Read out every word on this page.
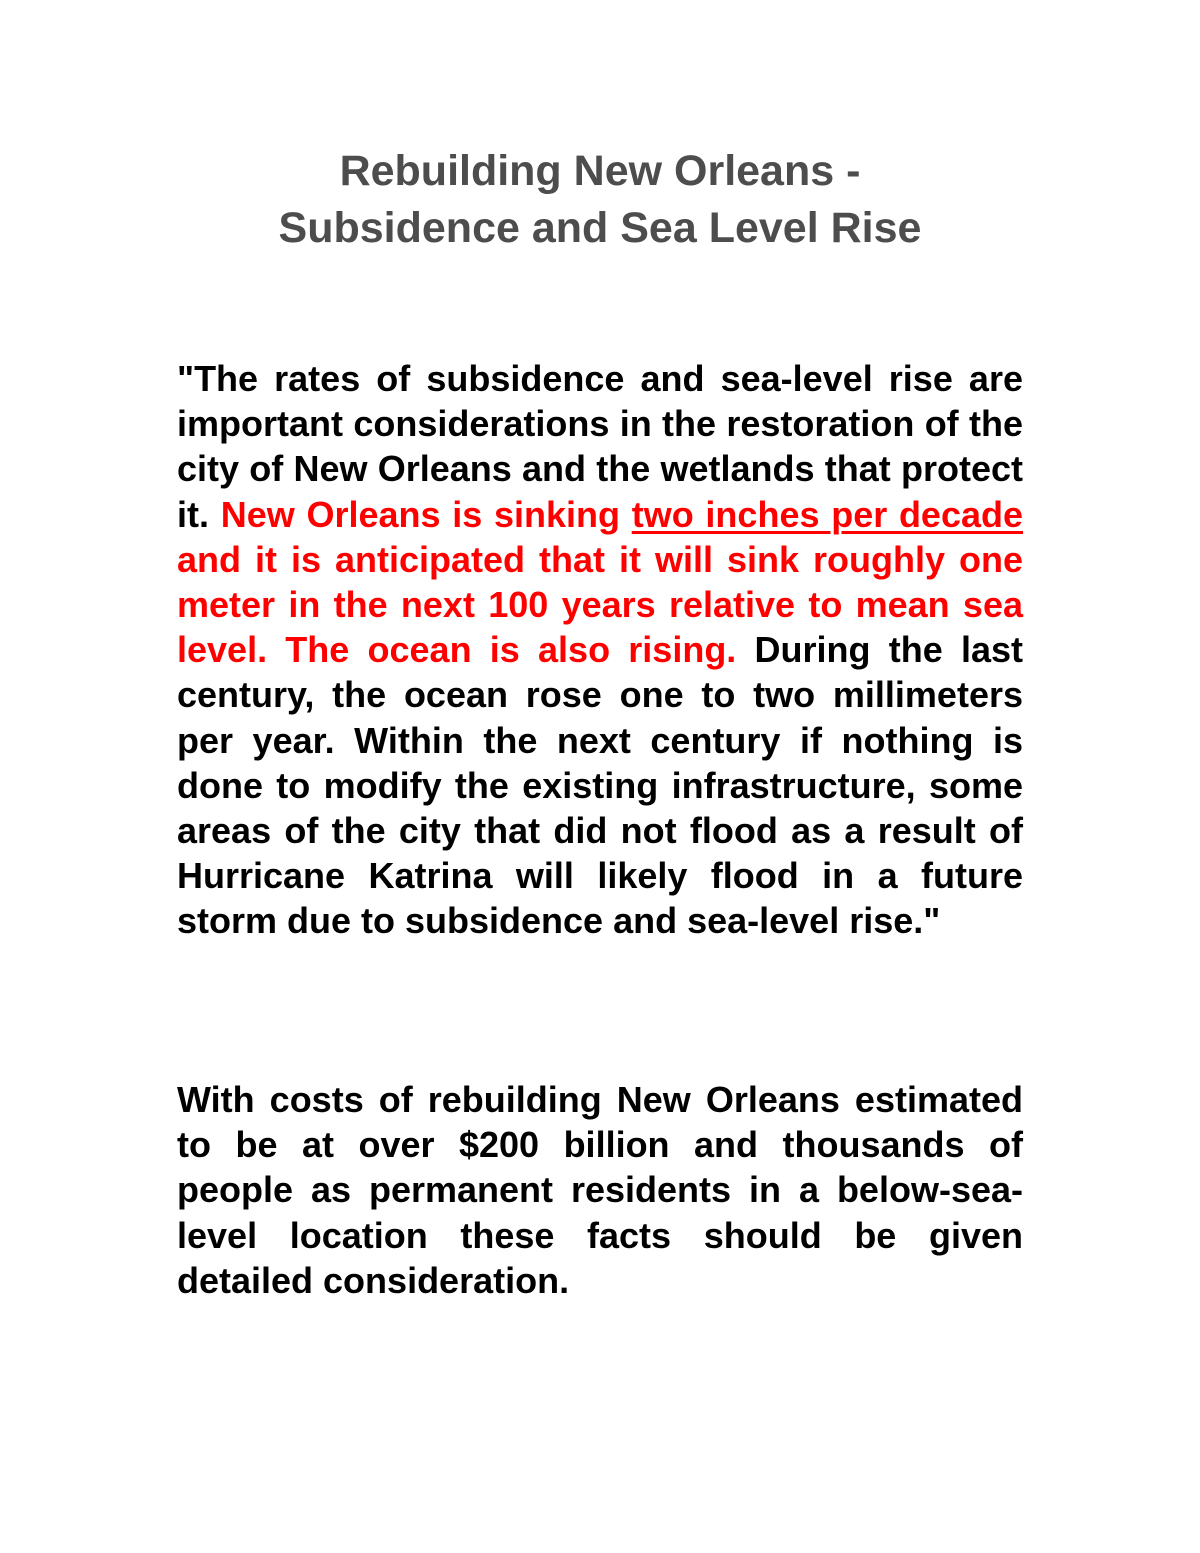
Rebuilding New Orleans -
Subsidence and Sea Level Rise

"The rates of subsidence and sea-level rise are important considerations in the restoration of the city of New Orleans and the wetlands that protect it. New Orleans is sinking two inches per decade and it is anticipated that it will sink roughly one meter in the next 100 years relative to mean sea level. The ocean is also rising. During the last century, the ocean rose one to two millimeters per year. Within the next century if nothing is done to modify the existing infrastructure, some areas of the city that did not flood as a result of Hurricane Katrina will likely flood in a future storm due to subsidence and sea-level rise."

With costs of rebuilding New Orleans estimated to be at over $200 billion and thousands of people as permanent residents in a below-sea-level location these facts should be given detailed consideration.
